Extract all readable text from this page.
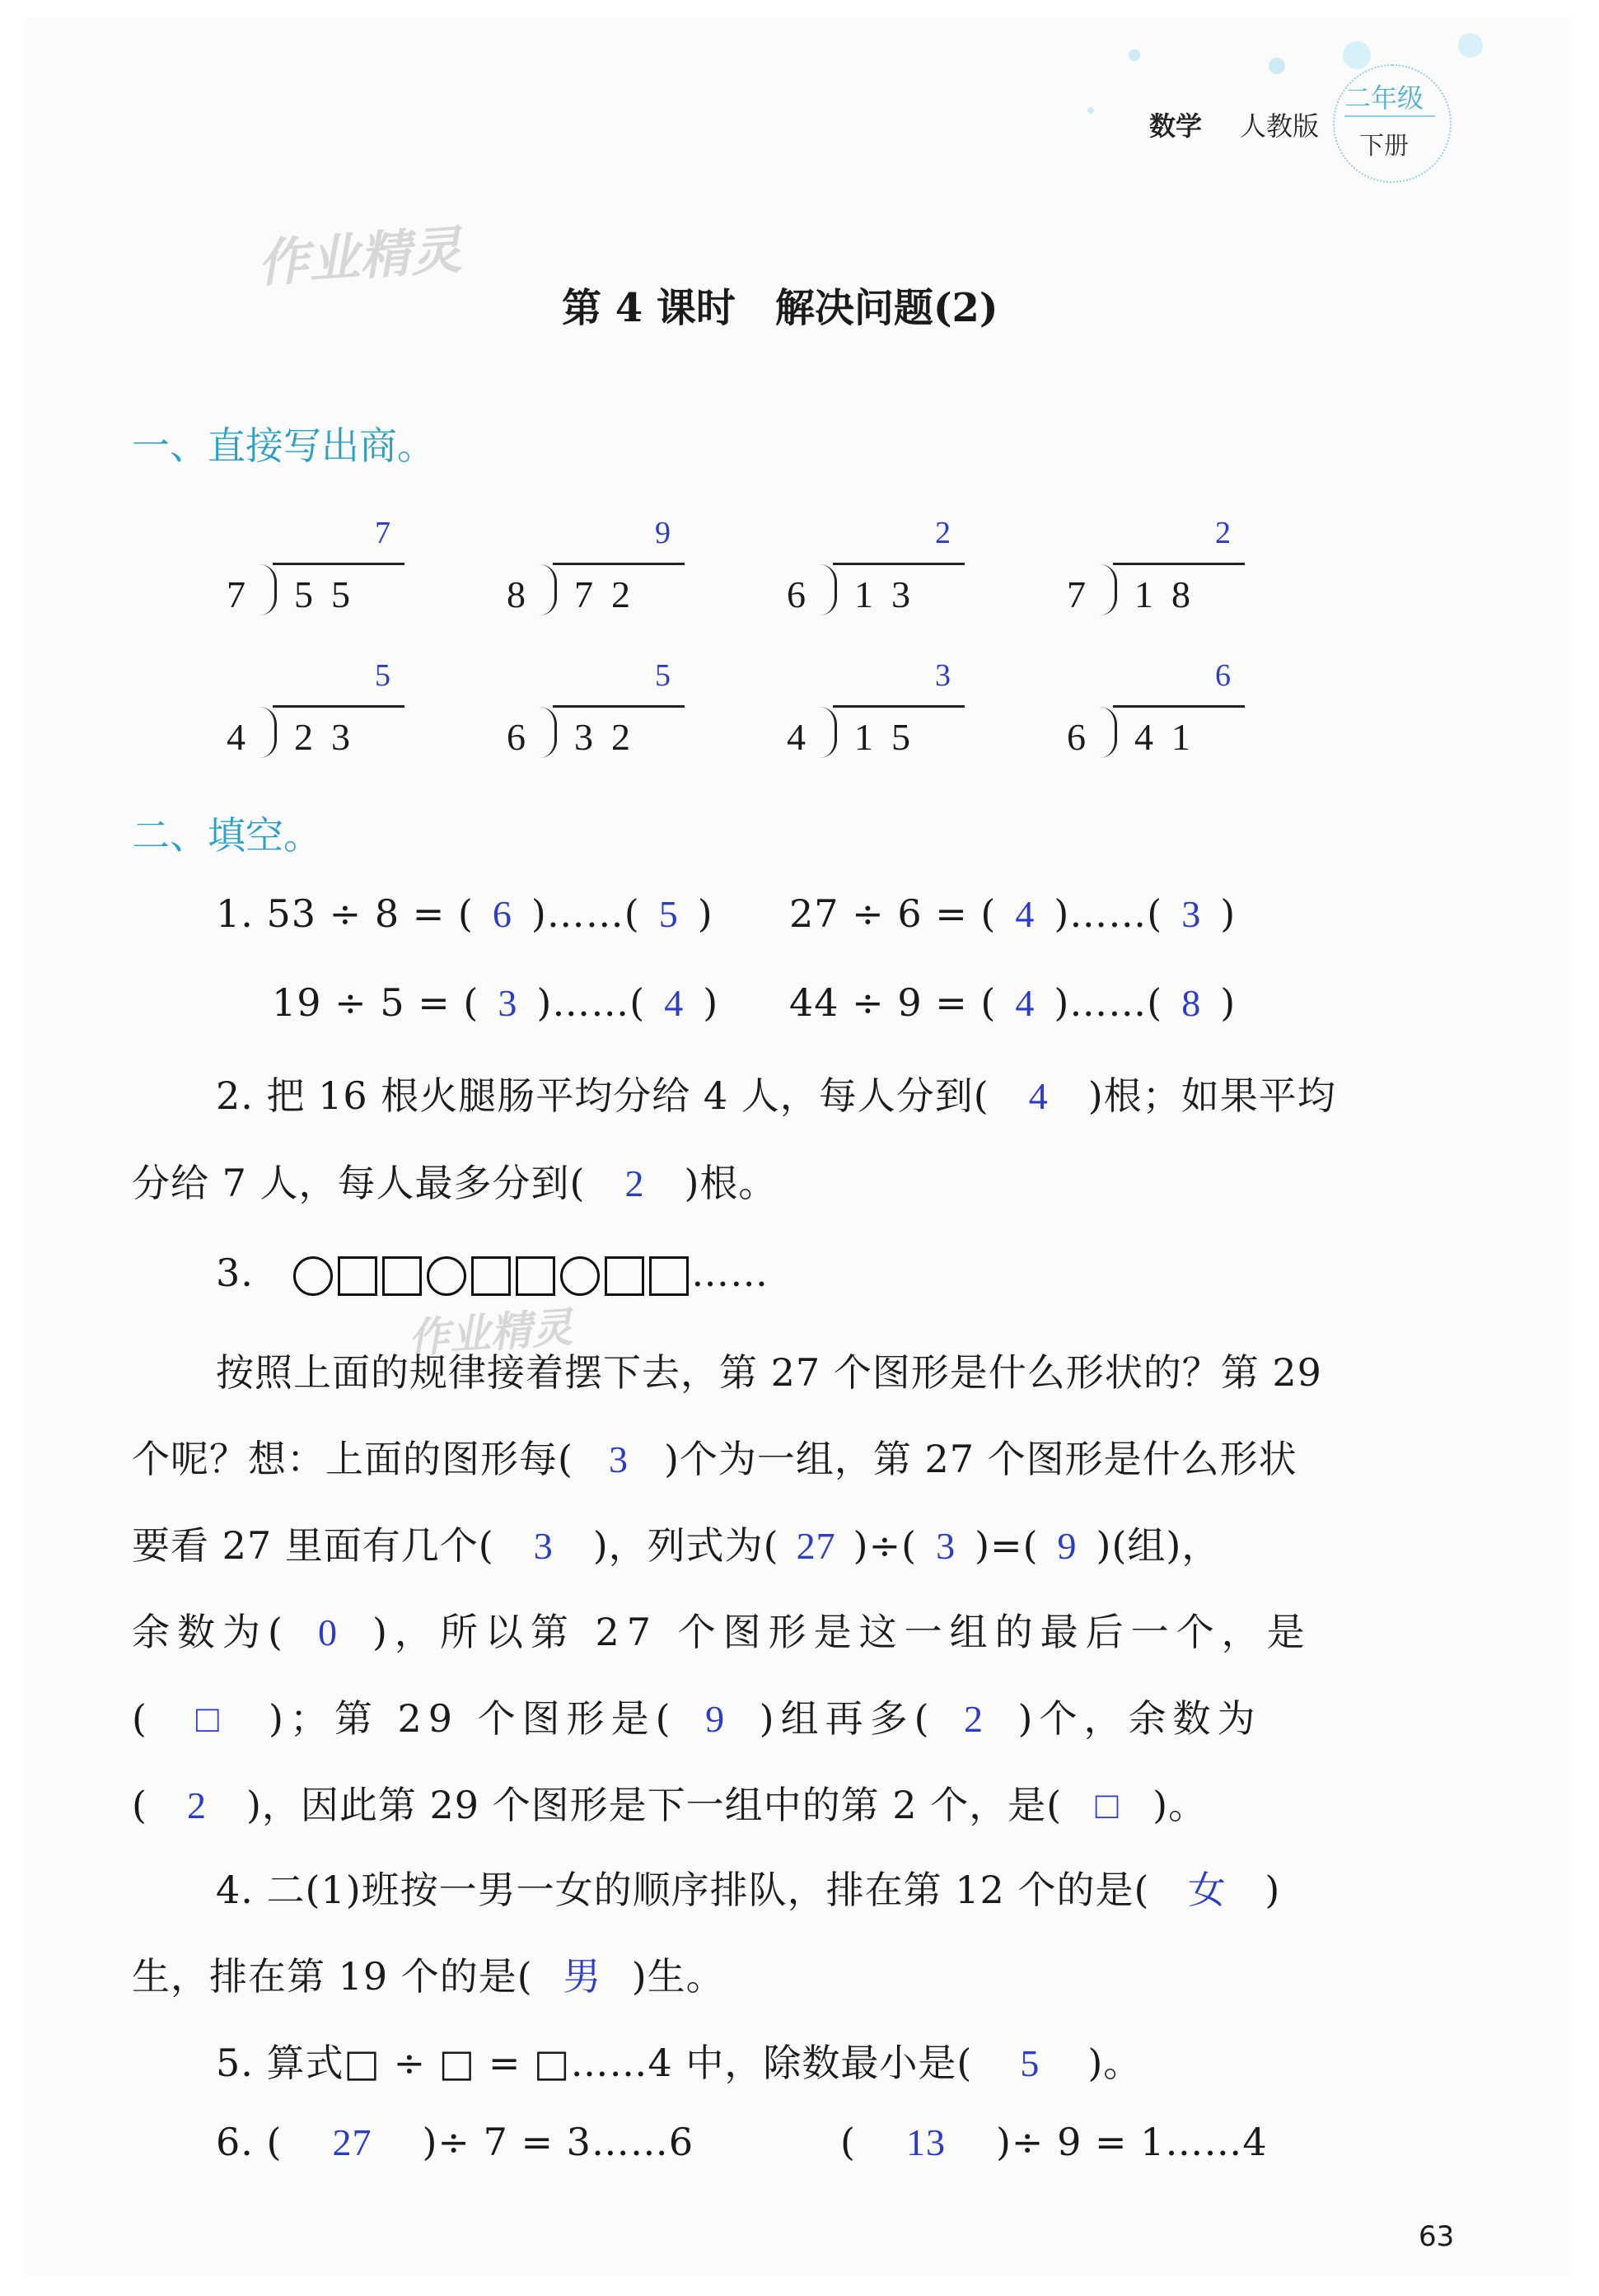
数学 人教版
二年级
下册
作业精灵
作业精灵
第 4 课时　解决问题(2)
一、直接写出商。
7
7 55
9
8 72
2
6 13
2
7 18
5
4 23
5
6 32
3
4 15
6
6 41
二、填空。
1. 53 ÷ 8 = ( 6 )……( 5 ) 27 ÷ 6 = ( 4 )……( 3 )
19 ÷ 5 = ( 3 )……( 4 ) 44 ÷ 9 = ( 4 )……( 8 )
2. 把 16 根火腿肠平均分给 4 人，每人分到( 4 )根；如果平均
分给 7 人，每人最多分到( 2 )根。
3.	……
按照上面的规律接着摆下去，第 27 个图形是什么形状的？第 29
个呢？想：上面的图形每( 3 )个为一组，第 27 个图形是什么形状
要看 27 里面有几个( 3 )，列式为( 27 )÷( 3 )=( 9 )(组)，
余数为( 0 )，所以第 27 个图形是这一组的最后一个，是
( □ )；第 29 个图形是( 9 )组再多( 2 )个，余数为
( 2 )，因此第 29 个图形是下一组中的第 2 个，是( □ )。
4. 二(1)班按一男一女的顺序排队，排在第 12 个的是( 女 )
生，排在第 19 个的是( 男 )生。
5. 算式□ ÷ □ = □……4 中，除数最小是( 5 )。
6. ( 27 )÷ 7 = 3……6	( 13 )÷ 9 = 1……4
63
